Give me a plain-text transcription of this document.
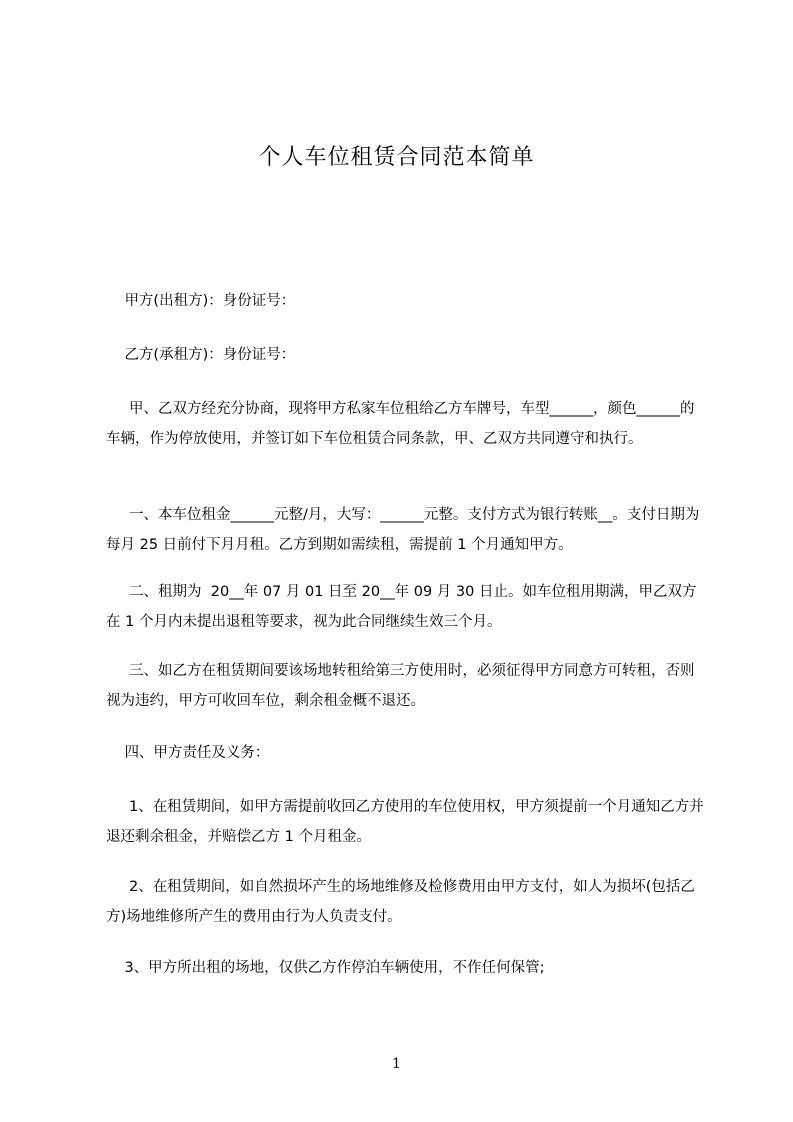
个人车位租赁合同范本简单
甲方(出租方)：身份证号：
乙方(承租方)：身份证号：
甲、乙双方经充分协商，现将甲方私家车位租给乙方车牌号，车型______，颜色______的车辆，作为停放使用，并签订如下车位租赁合同条款，甲、乙双方共同遵守和执行。
一、本车位租金______元整/月，大写：______元整。支付方式为银行转账__。支付日期为每月 25 日前付下月月租。乙方到期如需续租，需提前 1 个月通知甲方。
二、租期为  20__年 07 月 01 日至 20__年 09 月 30 日止。如车位租用期满，甲乙双方在 1 个月内未提出退租等要求，视为此合同继续生效三个月。
三、如乙方在租赁期间要该场地转租给第三方使用时，必须征得甲方同意方可转租，否则视为违约，甲方可收回车位，剩余租金概不退还。
四、甲方责任及义务：
1、在租赁期间，如甲方需提前收回乙方使用的车位使用权，甲方须提前一个月通知乙方并退还剩余租金，并赔偿乙方 1 个月租金。
2、在租赁期间，如自然损坏产生的场地维修及检修费用由甲方支付，如人为损坏(包括乙方)场地维修所产生的费用由行为人负责支付。
3、甲方所出租的场地，仅供乙方作停泊车辆使用，不作任何保管;
1
